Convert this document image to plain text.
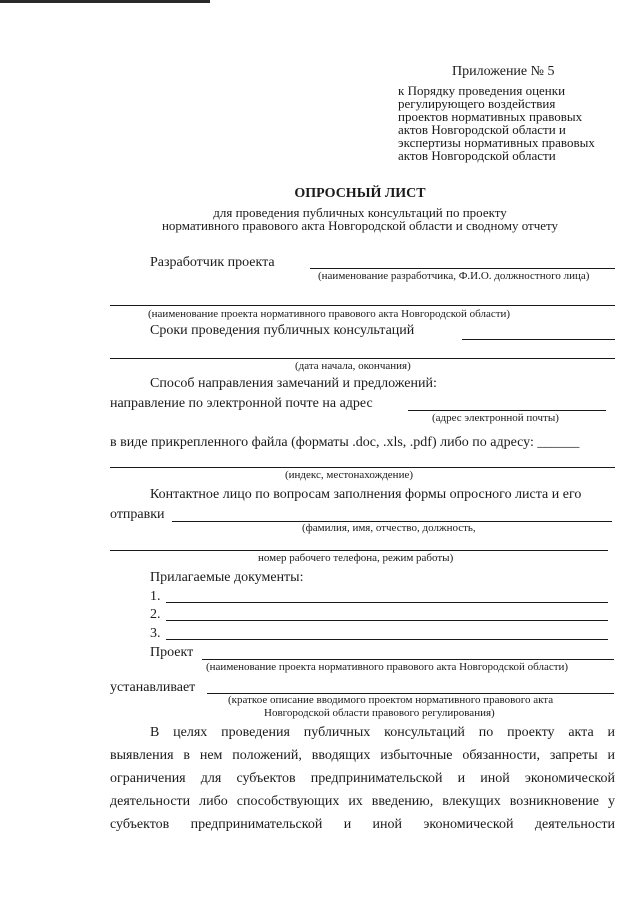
Приложение № 5
к Порядку проведения оценки
регулирующего воздействия
проектов нормативных правовых
актов Новгородской области и
экспертизы нормативных правовых
актов Новгородской области
ОПРОСНЫЙ ЛИСТ
для проведения публичных консультаций по проекту
нормативного правового акта Новгородской области и сводному отчету
Разработчик проекта
(наименование разработчика, Ф.И.О. должностного лица)
(наименование проекта нормативного правового акта Новгородской области)
Сроки проведения публичных консультаций
(дата начала, окончания)
Способ направления замечаний и предложений:
направление по электронной почте на адрес
(адрес электронной почты)
в виде прикрепленного файла (форматы .doc, .xls, .pdf) либо по адресу: ______
(индекс, местонахождение)
Контактное лицо по вопросам заполнения формы опросного листа и его
отправки
(фамилия, имя, отчество, должность,
номер рабочего телефона, режим работы)
Прилагаемые документы:
1.
2.
3.
Проект
(наименование проекта нормативного правового акта Новгородской области)
устанавливает
(краткое описание вводимого проектом нормативного правового акта
Новгородской области правового регулирования)
В целях проведения публичных консультаций по проекту акта и
выявления в нем положений, вводящих избыточные обязанности, запреты и
ограничения для субъектов предпринимательской и иной экономической
деятельности либо способствующих их введению, влекущих возникновение у
субъектов предпринимательской и иной экономической деятельности
